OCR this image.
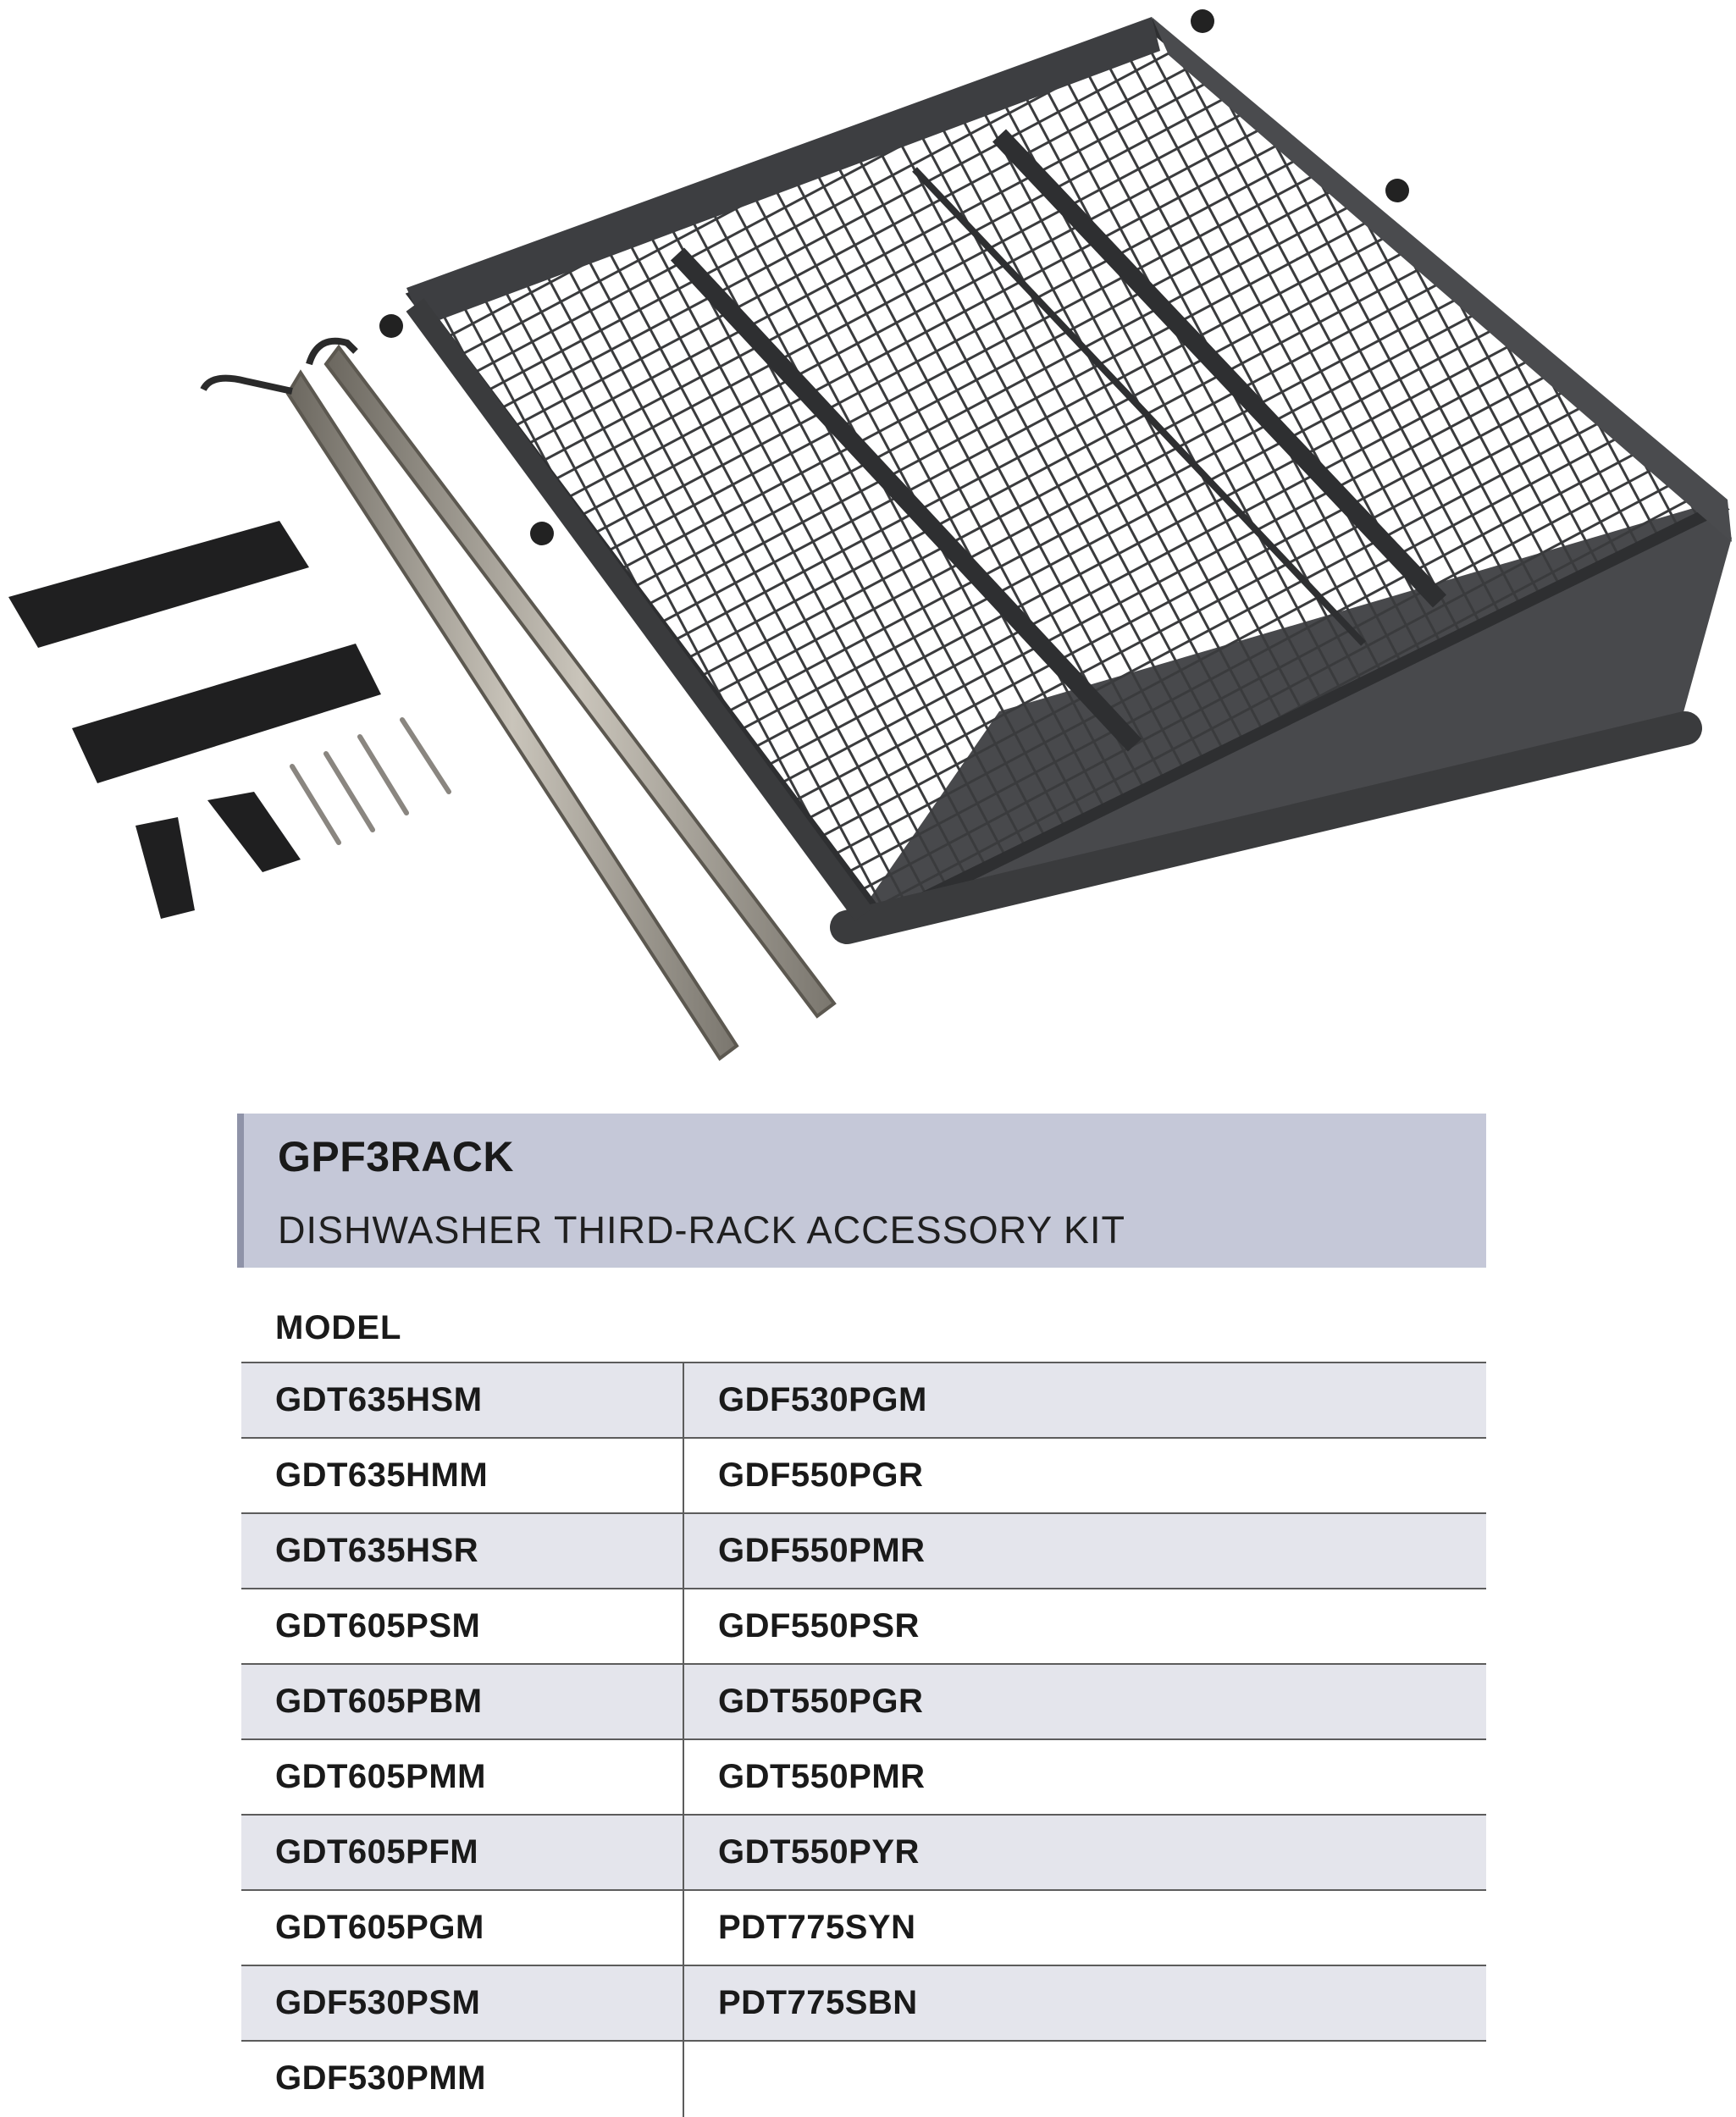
GPF3RACK
DISHWASHER THIRD-RACK ACCESSORY KIT
MODEL
GDT635HSM	GDF530PGM
GDT635HMM	GDF550PGR
GDT635HSR	GDF550PMR
GDT605PSM	GDF550PSR
GDT605PBM	GDT550PGR
GDT605PMM	GDT550PMR
GDT605PFM	GDT550PYR
GDT605PGM	PDT775SYN
GDF530PSM	PDT775SBN
GDF530PMM
